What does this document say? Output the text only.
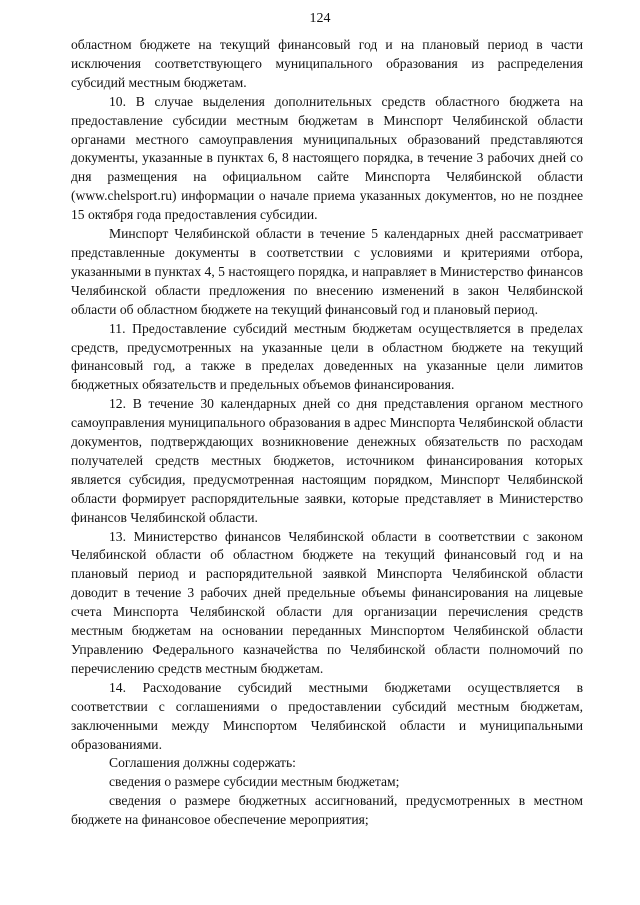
124

областном бюджете на текущий финансовый год и на плановый период в части исключения соответствующего муниципального образования из распределения субсидий местным бюджетам.

10. В случае выделения дополнительных средств областного бюджета на предоставление субсидии местным бюджетам в Минспорт Челябинской области органами местного самоуправления муниципальных образований представляются документы, указанные в пунктах 6, 8 настоящего порядка, в течение 3 рабочих дней со дня размещения на официальном сайте Минспорта Челябинской области (www.chelsport.ru) информации о начале приема указанных документов, но не позднее 15 октября года предоставления субсидии.

Минспорт Челябинской области в течение 5 календарных дней рассматривает представленные документы в соответствии с условиями и критериями отбора, указанными в пунктах 4, 5 настоящего порядка, и направляет в Министерство финансов Челябинской области предложения по внесению изменений в закон Челябинской области об областном бюджете на текущий финансовый год и плановый период.

11. Предоставление субсидий местным бюджетам осуществляется в пределах средств, предусмотренных на указанные цели в областном бюджете на текущий финансовый год, а также в пределах доведенных на указанные цели лимитов бюджетных обязательств и предельных объемов финансирования.

12. В течение 30 календарных дней со дня представления органом местного самоуправления муниципального образования в адрес Минспорта Челябинской области документов, подтверждающих возникновение денежных обязательств по расходам получателей средств местных бюджетов, источником финансирования которых является субсидия, предусмотренная настоящим порядком, Минспорт Челябинской области формирует распорядительные заявки, которые представляет в Министерство финансов Челябинской области.

13. Министерство финансов Челябинской области в соответствии с законом Челябинской области об областном бюджете на текущий финансовый год и на плановый период и распорядительной заявкой Минспорта Челябинской области доводит в течение 3 рабочих дней предельные объемы финансирования на лицевые счета Минспорта Челябинской области для организации перечисления средств местным бюджетам на основании переданных Минспортом Челябинской области Управлению Федерального казначейства по Челябинской области полномочий по перечислению средств местным бюджетам.

14. Расходование субсидий местными бюджетами осуществляется в соответствии с соглашениями о предоставлении субсидий местным бюджетам, заключенными между Минспортом Челябинской области и муниципальными образованиями.

Соглашения должны содержать:

сведения о размере субсидии местным бюджетам;

сведения о размере бюджетных ассигнований, предусмотренных в местном бюджете на финансовое обеспечение мероприятия;
